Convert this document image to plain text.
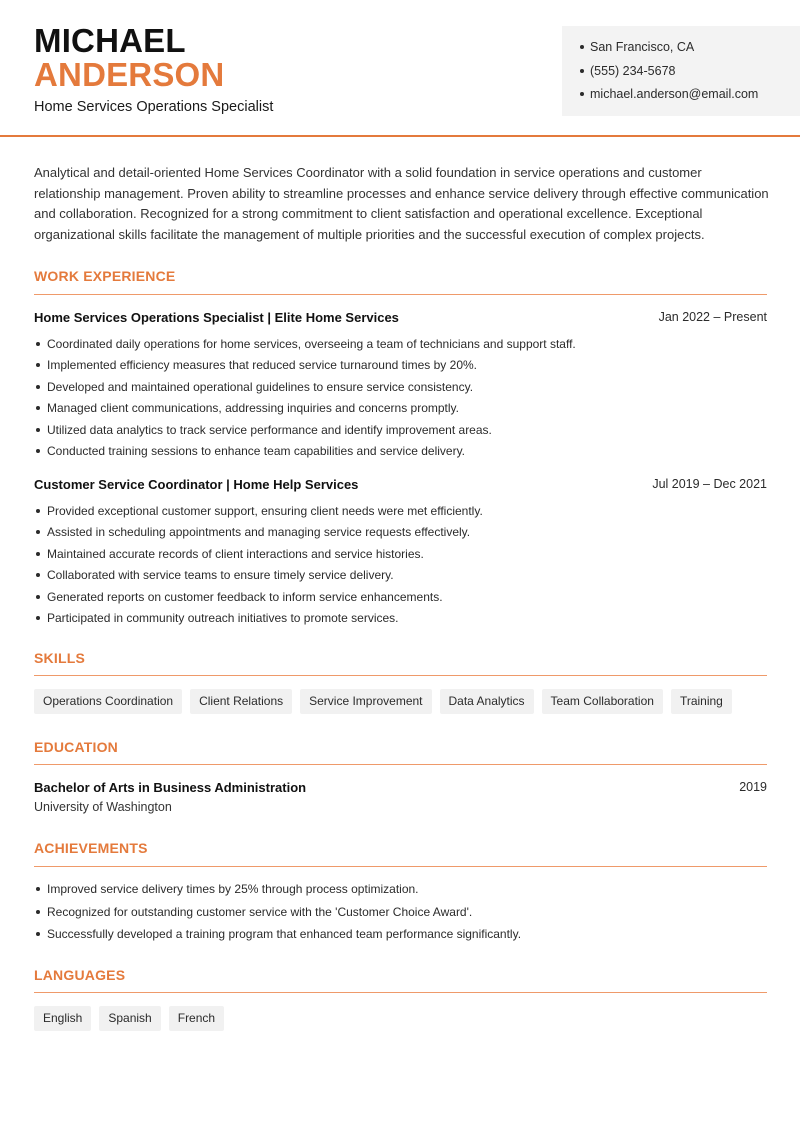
MICHAEL
ANDERSON
Home Services Operations Specialist
San Francisco, CA
(555) 234-5678
michael.anderson@email.com

Analytical and detail-oriented Home Services Coordinator with a solid foundation in service operations and customer relationship management. Proven ability to streamline processes and enhance service delivery through effective communication and collaboration. Recognized for a strong commitment to client satisfaction and operational excellence. Exceptional organizational skills facilitate the management of multiple priorities and the successful execution of complex projects.

WORK EXPERIENCE
Home Services Operations Specialist | Elite Home Services	Jan 2022 – Present
Coordinated daily operations for home services, overseeing a team of technicians and support staff.
Implemented efficiency measures that reduced service turnaround times by 20%.
Developed and maintained operational guidelines to ensure service consistency.
Managed client communications, addressing inquiries and concerns promptly.
Utilized data analytics to track service performance and identify improvement areas.
Conducted training sessions to enhance team capabilities and service delivery.
Customer Service Coordinator | Home Help Services	Jul 2019 – Dec 2021
Provided exceptional customer support, ensuring client needs were met efficiently.
Assisted in scheduling appointments and managing service requests effectively.
Maintained accurate records of client interactions and service histories.
Collaborated with service teams to ensure timely service delivery.
Generated reports on customer feedback to inform service enhancements.
Participated in community outreach initiatives to promote services.
SKILLS
Operations Coordination	Client Relations	Service Improvement	Data Analytics	Team Collaboration	Training
EDUCATION
Bachelor of Arts in Business Administration	2019
University of Washington
ACHIEVEMENTS
Improved service delivery times by 25% through process optimization.
Recognized for outstanding customer service with the 'Customer Choice Award'.
Successfully developed a training program that enhanced team performance significantly.
LANGUAGES
English	Spanish	French
